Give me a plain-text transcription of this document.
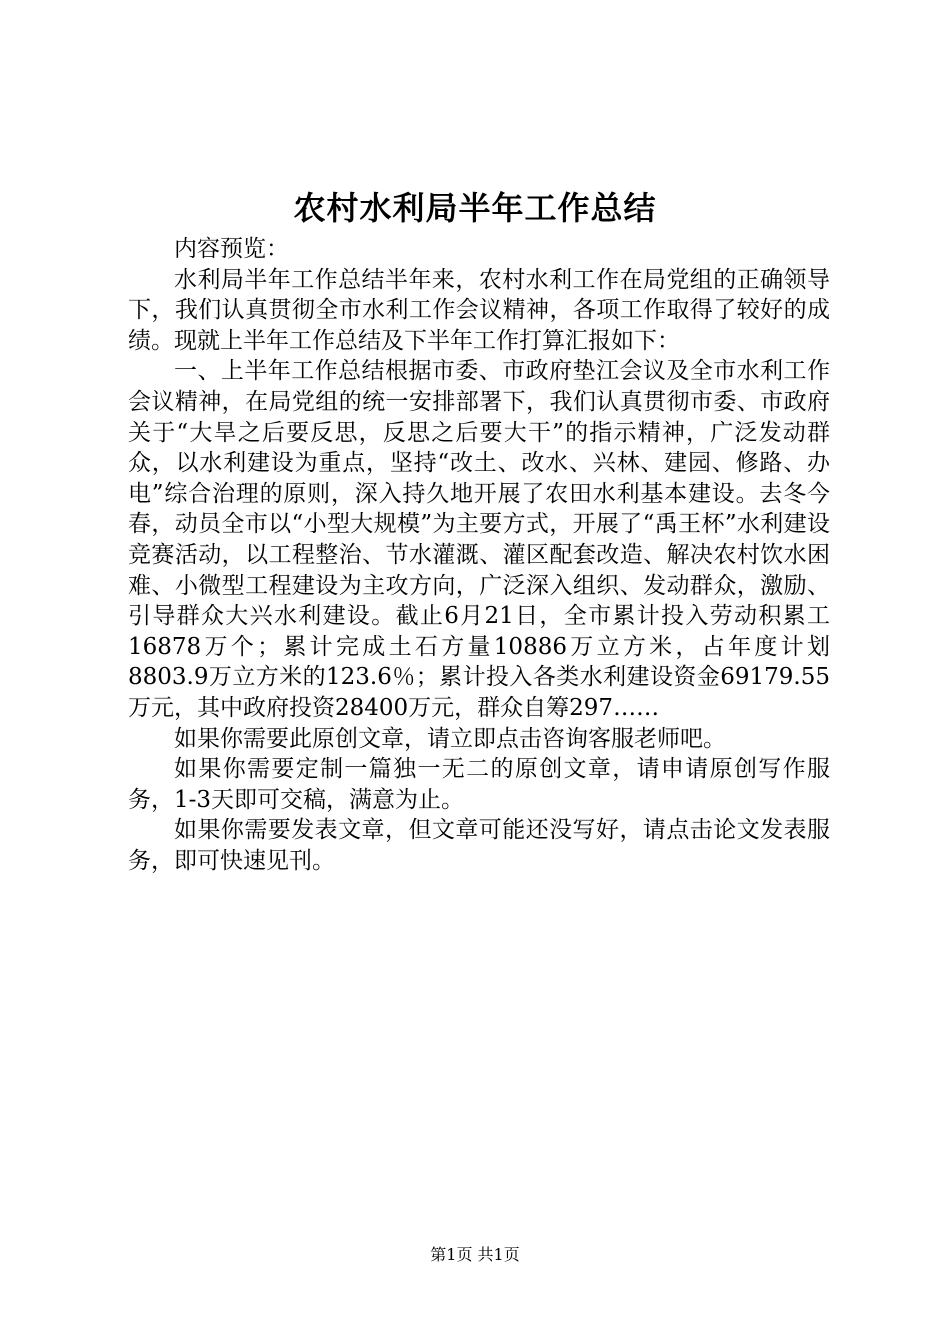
农村水利局半年工作总结

内容预览：

水利局半年工作总结半年来，农村水利工作在局党组的正确领导下，我们认真贯彻全市水利工作会议精神，各项工作取得了较好的成绩。现就上半年工作总结及下半年工作打算汇报如下：

一、上半年工作总结根据市委、市政府垫江会议及全市水利工作会议精神，在局党组的统一安排部署下，我们认真贯彻市委、市政府关于“大旱之后要反思，反思之后要大干”的指示精神，广泛发动群众，以水利建设为重点，坚持“改土、改水、兴林、建园、修路、办电”综合治理的原则，深入持久地开展了农田水利基本建设。去冬今春，动员全市以“小型大规模”为主要方式，开展了“禹王杯”水利建设竞赛活动，以工程整治、节水灌溉、灌区配套改造、解决农村饮水困难、小微型工程建设为主攻方向，广泛深入组织、发动群众，激励、引导群众大兴水利建设。截止6月21日，全市累计投入劳动积累工16878万个；累计完成土石方量10886万立方米，占年度计划8803.9万立方米的123.6％；累计投入各类水利建设资金69179.55万元，其中政府投资28400万元，群众自筹297……

如果你需要此原创文章，请立即点击咨询客服老师吧。

如果你需要定制一篇独一无二的原创文章，请申请原创写作服务，1-3天即可交稿，满意为止。

如果你需要发表文章，但文章可能还没写好，请点击论文发表服务，即可快速见刊。

第1页 共1页
